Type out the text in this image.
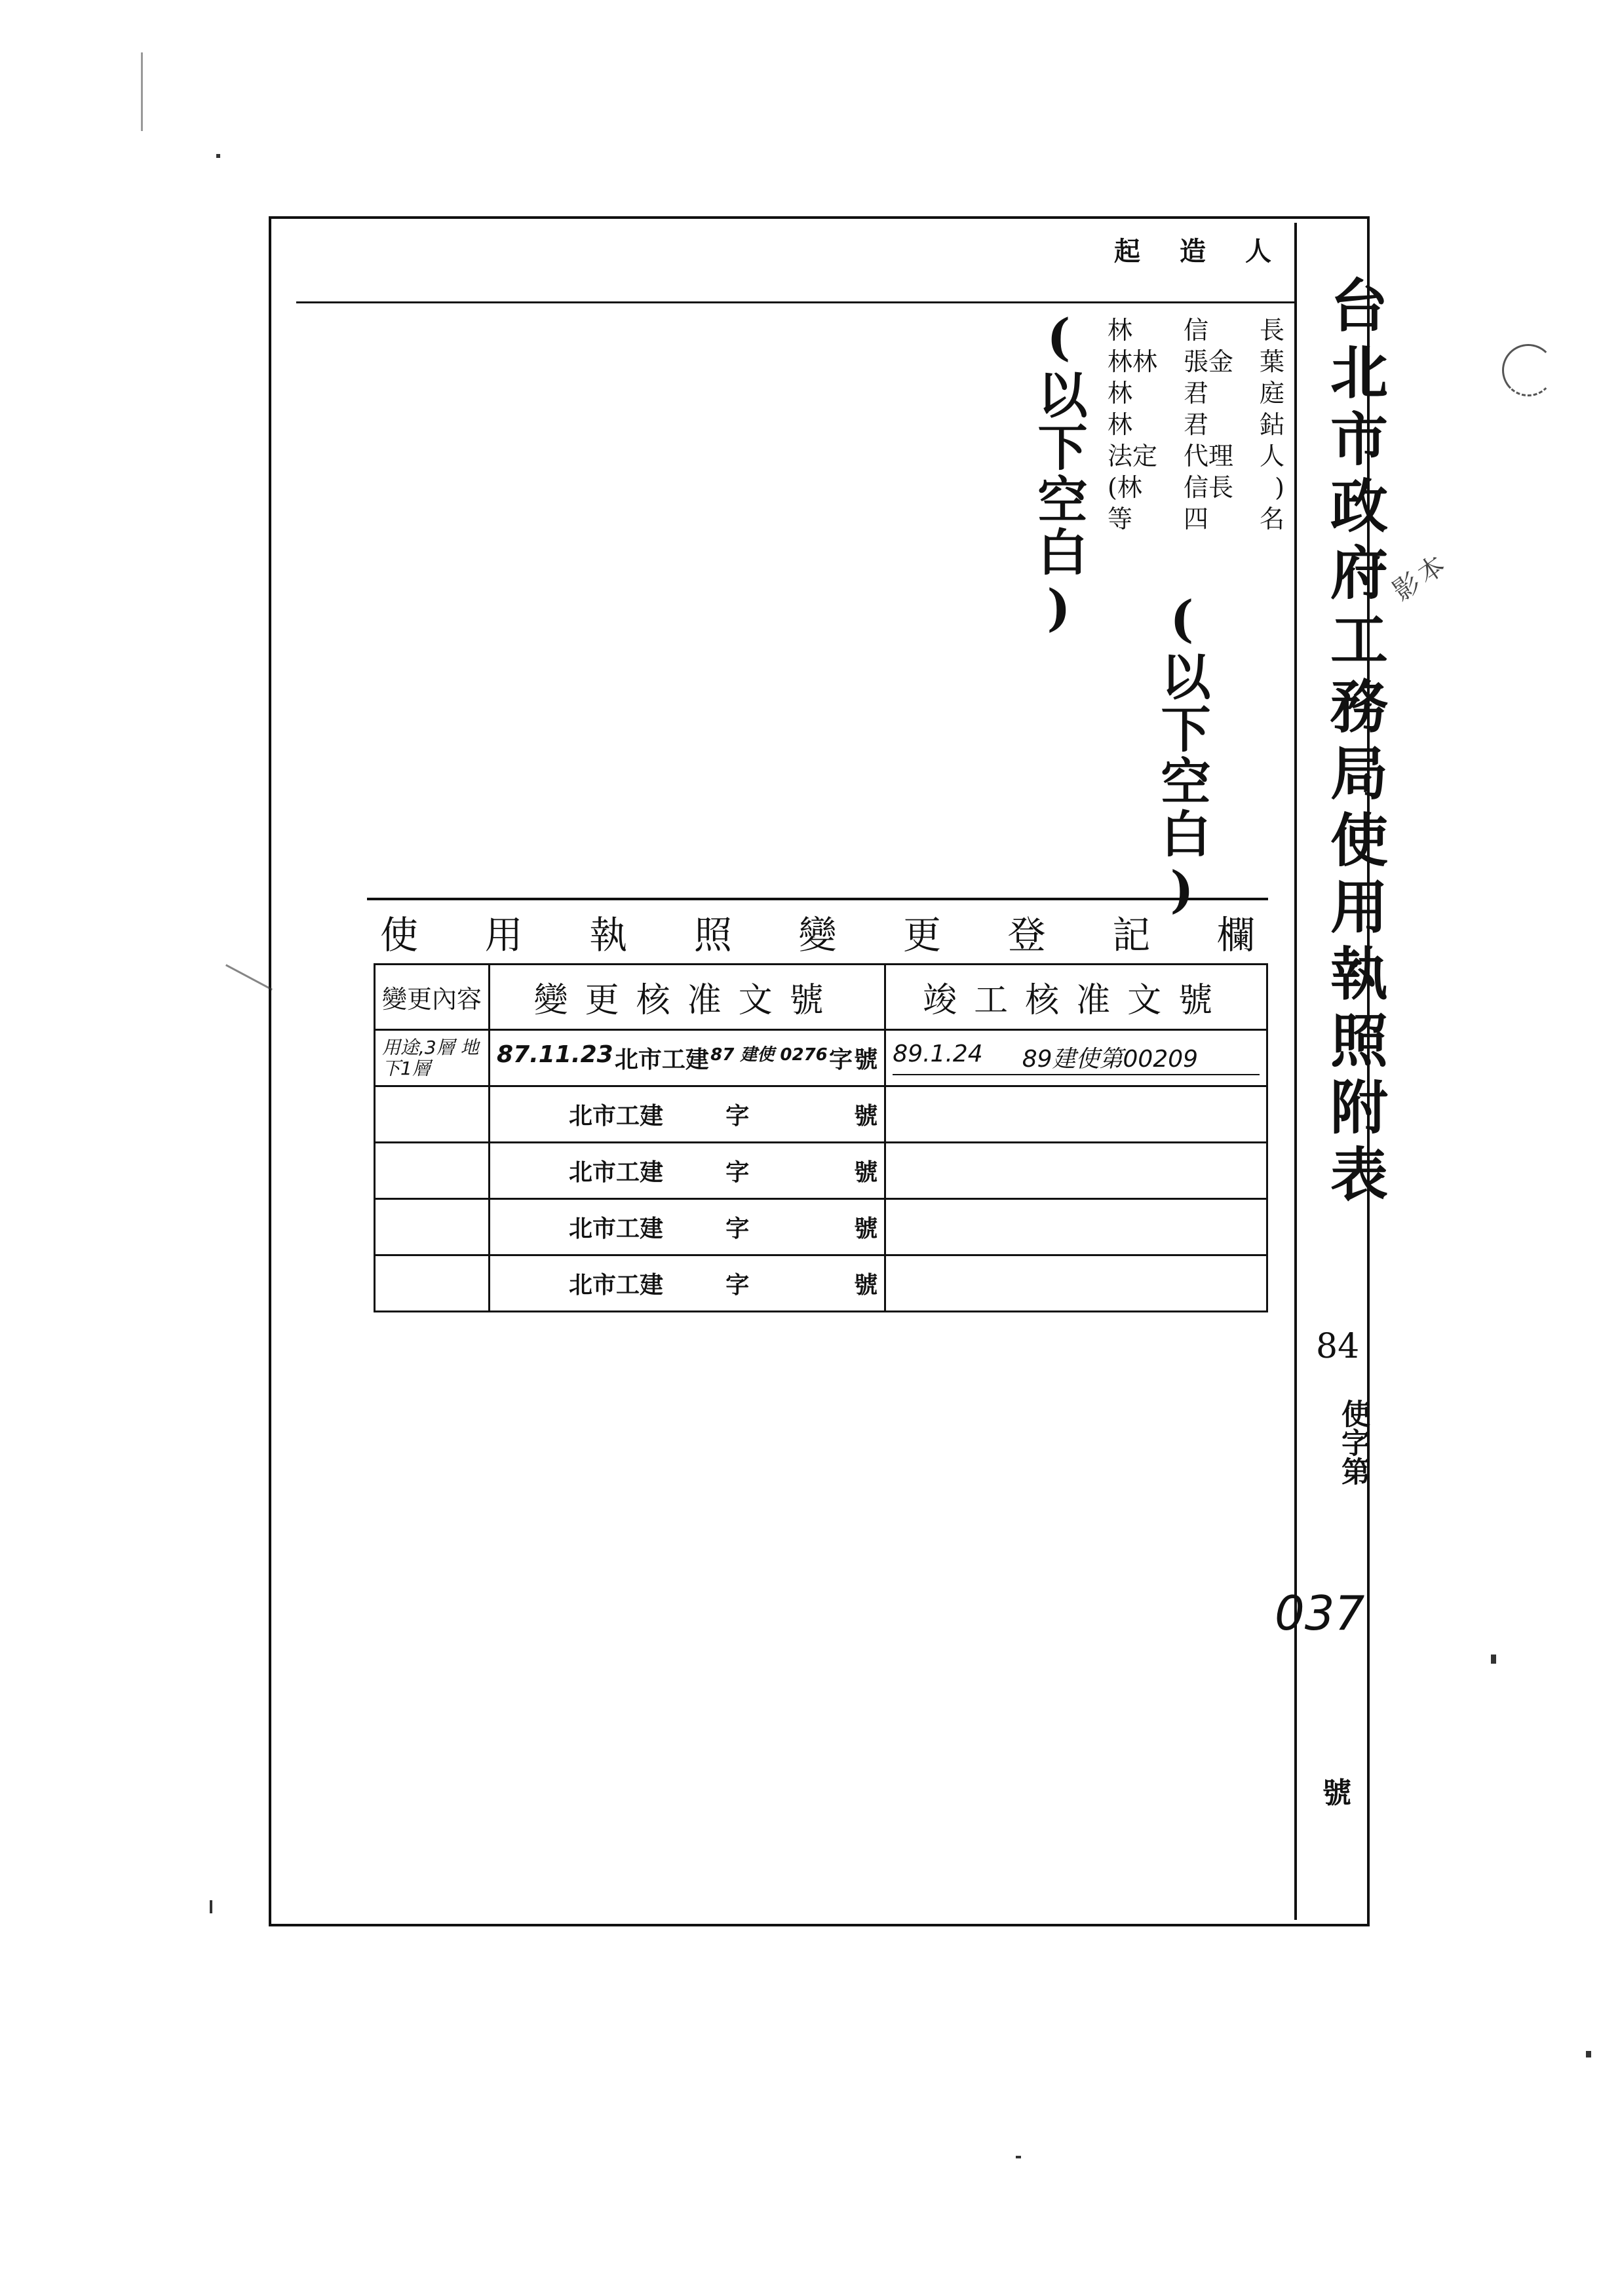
台北市政府工務局使用執照附表
起造人
林 信 長
林林 張金 葉
林 君 庭
林 君 鈷
法定 代理 人
(林 信長 )
等 四 名
(以下空白)
(以下空白)
84
使字第
037
號
影本
使 用 執 照 變 更 登 記 欄
變更內容	變更核准文號	竣工核准文號
用途,3層 地下1層	87.11.23 北市工建 87 建使 0276 字 號	89.1.24 89建使第00209

	北市工建 字 號	

	北市工建 字 號	

	北市工建 字 號	

	北市工建 字 號	
